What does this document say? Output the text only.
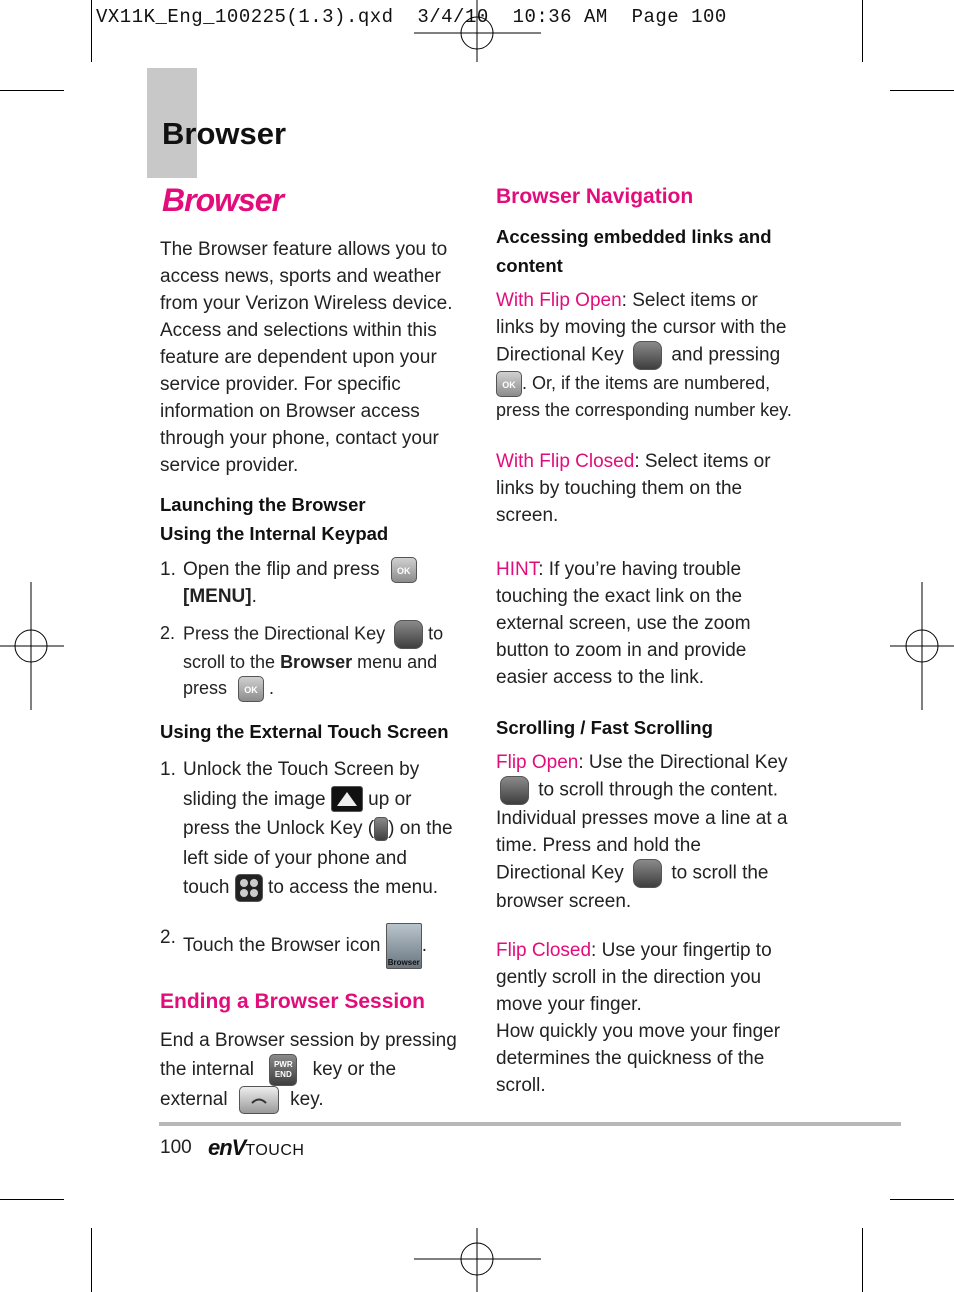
VX11K_Eng_100225(1.3).qxd  3/4/10  10:36 AM  Page 100
Browser
Browser
The Browser feature allows you to access news, sports and weather from your Verizon Wireless device. Access and selections within this feature are dependent upon your service provider. For specific information on Browser access through your phone, contact your service provider.
Launching the Browser
Using the Internal Keypad
1. Open the flip and press OK
[MENU].
2. Press the Directional Key to scroll to the Browser menu and press OK .
Using the External Touch Screen
1. Unlock the Touch Screen by sliding the image up or press the Unlock Key ( ) on the left side of your phone and touch to access the menu.
2. Touch the Browser icon Browser.
Ending a Browser Session
End a Browser session by pressing the internal PWR
END key or the external	key.
Browser Navigation
Accessing embedded links and content
With Flip Open: Select items or links by moving the cursor with the Directional Key	and pressing OK . Or, if the items are numbered, press the corresponding number key.
With Flip Closed: Select items or links by touching them on the screen.
HINT: If you’re having trouble touching the exact link on the external screen, use the zoom button to zoom in and provide easier access to the link.
Scrolling / Fast Scrolling
Flip Open: Use the Directional Key  to scroll through the content. Individual presses move a line at a time. Press and hold the Directional Key	to scroll the browser screen.
Flip Closed: Use your fingertip to gently scroll in the direction you move your finger.

How quickly you move your finger determines the quickness of the scroll.

100 enVTOUCH
